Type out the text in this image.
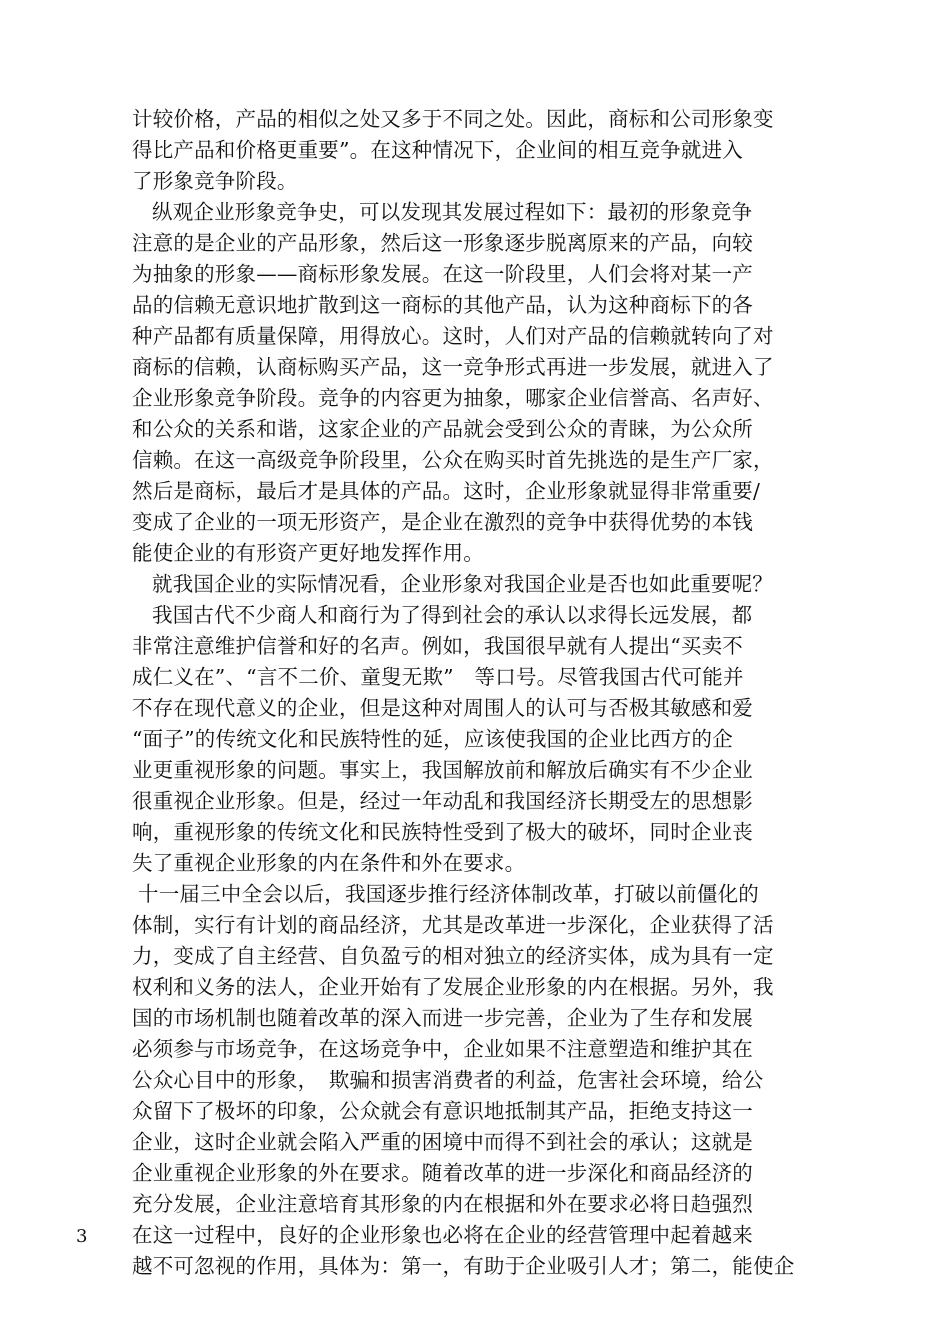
计较价格，产品的相似之处又多于不同之处。因此，商标和公司形象变
得比产品和价格更重要”。在这种情况下，企业间的相互竞争就进入
了形象竞争阶段。
纵观企业形象竞争史，可以发现其发展过程如下：最初的形象竞争
注意的是企业的产品形象，然后这一形象逐步脱离原来的产品，向较
为抽象的形象——商标形象发展。在这一阶段里，人们会将对某一产
品的信赖无意识地扩散到这一商标的其他产品，认为这种商标下的各
种产品都有质量保障，用得放心。这时，人们对产品的信赖就转向了对
商标的信赖，认商标购买产品，这一竞争形式再进一步发展，就进入了
企业形象竞争阶段。竞争的内容更为抽象，哪家企业信誉高、名声好、
和公众的关系和谐，这家企业的产品就会受到公众的青睐，为公众所
信赖。在这一高级竞争阶段里，公众在购买时首先挑选的是生产厂家，
然后是商标，最后才是具体的产品。这时，企业形象就显得非常重要/
变成了企业的一项无形资产，是企业在激烈的竞争中获得优势的本钱
能使企业的有形资产更好地发挥作用。
就我国企业的实际情况看，企业形象对我国企业是否也如此重要呢？
我国古代不少商人和商行为了得到社会的承认以求得长远发展，都
非常注意维护信誉和好的名声。例如，我国很早就有人提出“买卖不
成仁义在”、“言不二价、童叟无欺”　等口号。尽管我国古代可能并
不存在现代意义的企业，但是这种对周围人的认可与否极其敏感和爱
“面子”的传统文化和民族特性的延，应该使我国的企业比西方的企
业更重视形象的问题。事实上，我国解放前和解放后确实有不少企业
很重视企业形象。但是，经过一年动乱和我国经济长期受左的思想影
响，重视形象的传统文化和民族特性受到了极大的破坏，同时企业丧
失了重视企业形象的内在条件和外在要求。
十一届三中全会以后，我国逐步推行经济体制改革，打破以前僵化的
体制，实行有计划的商品经济，尤其是改革进一步深化，企业获得了活
力，变成了自主经营、自负盈亏的相对独立的经济实体，成为具有一定
权利和义务的法人，企业开始有了发展企业形象的内在根据。另外，我
国的市场机制也随着改革的深入而进一步完善，企业为了生存和发展
必须参与市场竞争，在这场竞争中，企业如果不注意塑造和维护其在
公众心目中的形象，　欺骗和损害消费者的利益，危害社会环境，给公
众留下了极坏的印象，公众就会有意识地抵制其产品，拒绝支持这一
企业，这时企业就会陷入严重的困境中而得不到社会的承认；这就是
企业重视企业形象的外在要求。随着改革的进一步深化和商品经济的
充分发展，企业注意培育其形象的内在根据和外在要求必将日趋强烈
在这一过程中，良好的企业形象也必将在企业的经营管理中起着越来
越不可忽视的作用，具体为：第一，有助于企业吸引人才；第二，能使企
3
